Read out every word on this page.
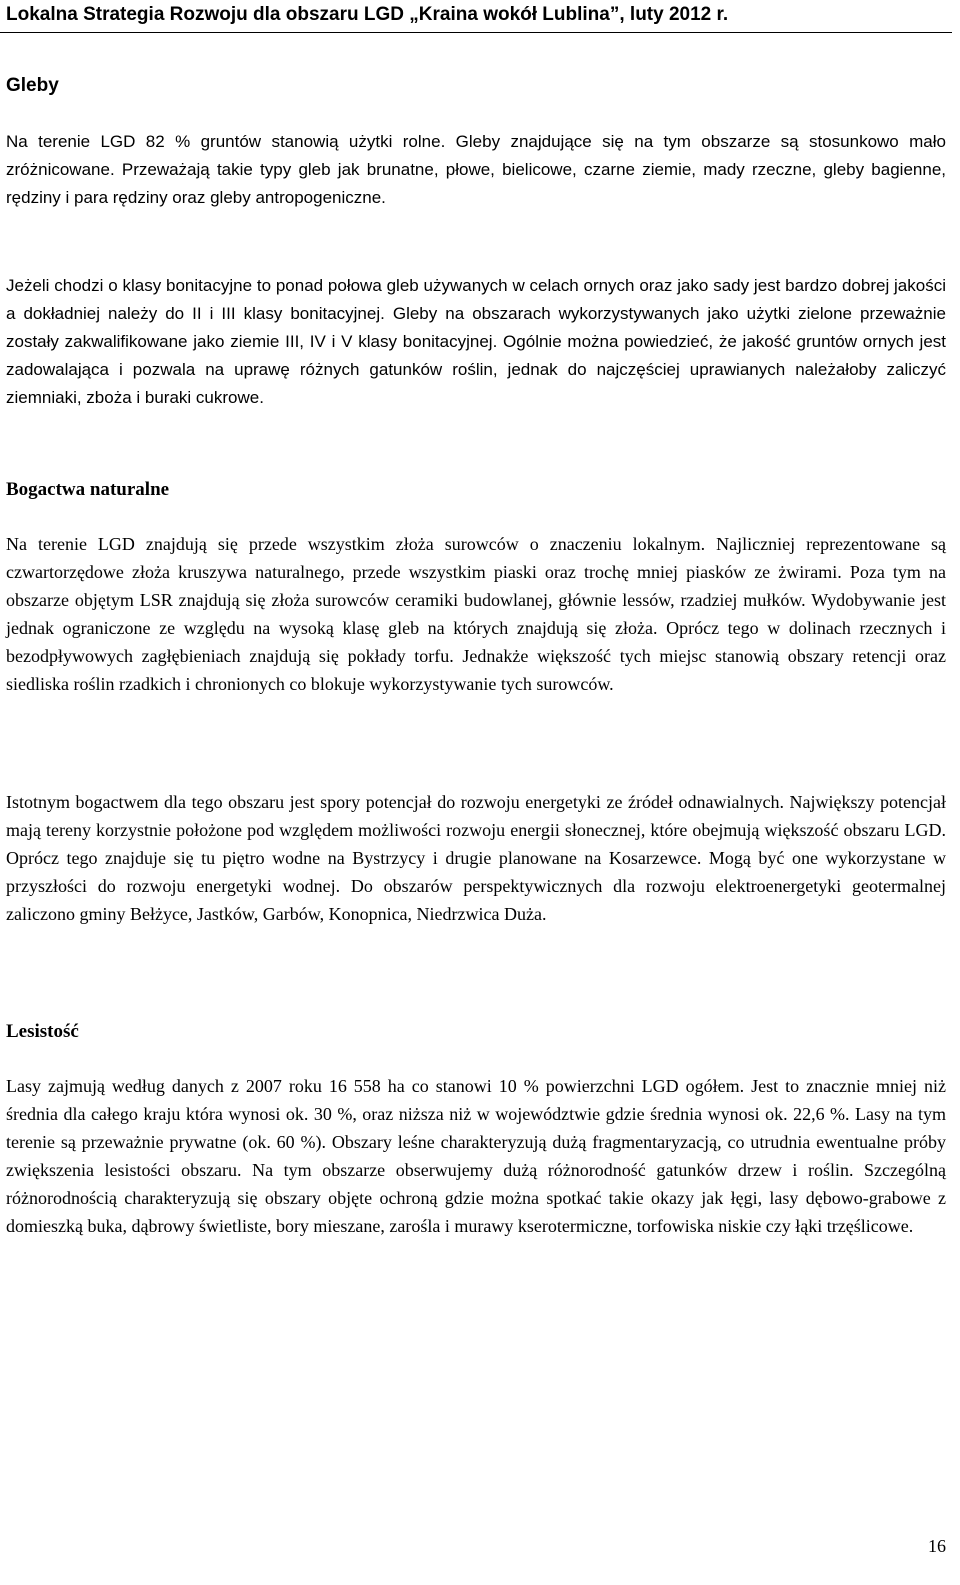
Lokalna Strategia Rozwoju dla obszaru LGD „Kraina wokół Lublina”, luty 2012 r.
Gleby

Na terenie LGD 82 % gruntów stanowią użytki rolne. Gleby znajdujące się na tym obszarze są stosunkowo mało zróżnicowane. Przeważają takie typy gleb jak brunatne, płowe, bielicowe, czarne ziemie, mady rzeczne, gleby bagienne, rędziny i para rędziny oraz gleby antropogeniczne.

Jeżeli chodzi o klasy bonitacyjne to ponad połowa gleb używanych w celach ornych oraz jako sady jest bardzo dobrej jakości a dokładniej należy do II i III klasy bonitacyjnej. Gleby na obszarach wykorzystywanych jako użytki zielone przeważnie zostały zakwalifikowane jako ziemie III, IV i V klasy bonitacyjnej. Ogólnie można powiedzieć, że jakość gruntów ornych jest zadowalająca i pozwala na uprawę różnych gatunków roślin, jednak do najczęściej uprawianych należałoby zaliczyć ziemniaki, zboża i buraki cukrowe.

Bogactwa naturalne

Na terenie LGD znajdują się przede wszystkim złoża surowców o znaczeniu lokalnym. Najliczniej reprezentowane są czwartorzędowe złoża kruszywa naturalnego, przede wszystkim piaski oraz trochę mniej piasków ze żwirami. Poza tym na obszarze objętym LSR znajdują się złoża surowców ceramiki budowlanej, głównie lessów, rzadziej mułków. Wydobywanie jest jednak ograniczone ze względu na wysoką klasę gleb na których znajdują się złoża. Oprócz tego w dolinach rzecznych i bezodpływowych zagłębieniach znajdują się pokłady torfu. Jednakże większość tych miejsc stanowią obszary retencji oraz siedliska roślin rzadkich i chronionych co blokuje wykorzystywanie tych surowców.

Istotnym bogactwem dla tego obszaru jest spory potencjał do rozwoju energetyki ze źródeł odnawialnych. Największy potencjał mają tereny korzystnie położone pod względem możliwości rozwoju energii słonecznej, które obejmują większość obszaru LGD. Oprócz tego znajduje się tu piętro wodne na Bystrzycy i drugie planowane na Kosarzewce. Mogą być one wykorzystane w przyszłości do rozwoju energetyki wodnej. Do obszarów perspektywicznych dla rozwoju elektroenergetyki geotermalnej zaliczono gminy Bełżyce, Jastków, Garbów, Konopnica, Niedrzwica Duża.

Lesistość

Lasy zajmują według danych z 2007 roku 16 558 ha co stanowi 10 % powierzchni LGD ogółem. Jest to znacznie mniej niż średnia dla całego kraju która wynosi ok. 30 %, oraz niższa niż w województwie gdzie średnia wynosi ok. 22,6 %. Lasy na tym terenie są przeważnie prywatne (ok. 60 %). Obszary leśne charakteryzują dużą fragmentaryzacją, co utrudnia ewentualne próby zwiększenia lesistości obszaru. Na tym obszarze obserwujemy dużą różnorodność gatunków drzew i roślin. Szczególną różnorodnością charakteryzują się obszary objęte ochroną gdzie można spotkać takie okazy jak łęgi, lasy dębowo-grabowe z domieszką buka, dąbrowy świetliste, bory mieszane, zarośla i murawy kserotermiczne, torfowiska niskie czy łąki trzęślicowe.

16
